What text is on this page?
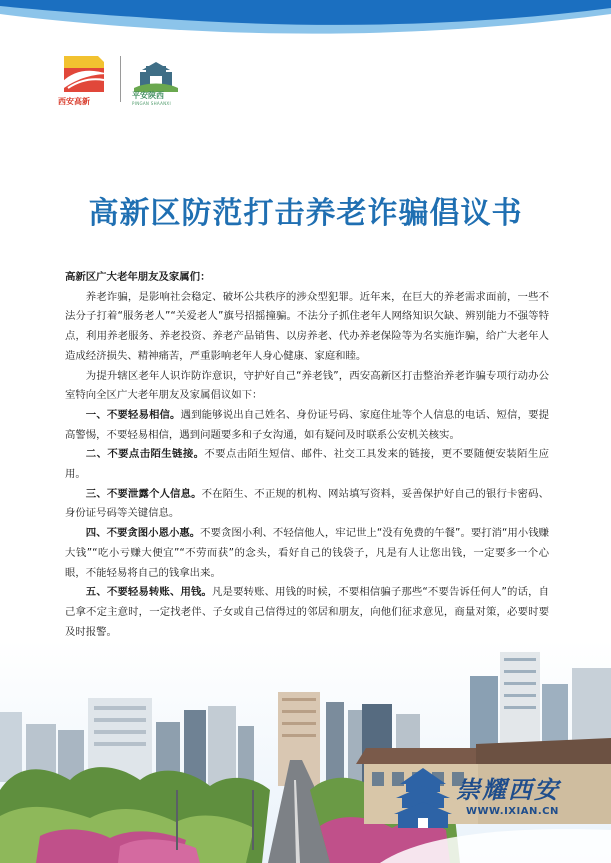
西安高新
平安陕西
PINGAN SHAANXI
高新区防范打击养老诈骗倡议书

高新区广大老年朋友及家属们：

养老诈骗，是影响社会稳定、破坏公共秩序的涉众型犯罪。近年来，在巨大的养老需求面前，一些不法分子打着“服务老人”“关爱老人”旗号招摇撞骗。不法分子抓住老年人网络知识欠缺、辨别能力不强等特点，利用养老服务、养老投资、养老产品销售、以房养老、代办养老保险等为名实施诈骗，给广大老年人造成经济损失、精神痛苦，严重影响老年人身心健康、家庭和睦。

为提升辖区老年人识诈防诈意识，守护好自己“养老钱”，西安高新区打击整治养老诈骗专项行动办公室特向全区广大老年朋友及家属倡议如下：

一、不要轻易相信。遇到能够说出自己姓名、身份证号码、家庭住址等个人信息的电话、短信，要提高警惕，不要轻易相信，遇到问题要多和子女沟通，如有疑问及时联系公安机关核实。

二、不要点击陌生链接。不要点击陌生短信、邮件、社交工具发来的链接，更不要随便安装陌生应用。

三、不要泄露个人信息。不在陌生、不正规的机构、网站填写资料，妥善保护好自己的银行卡密码、身份证号码等关键信息。

四、不要贪图小恩小惠。不要贪图小利、不轻信他人，牢记世上“没有免费的午餐”。要打消“用小钱赚大钱”“吃小亏赚大便宜”“不劳而获”的念头，看好自己的钱袋子，凡是有人让您出钱，一定要多一个心眼，不能轻易将自己的钱拿出来。

五、不要轻易转账、用钱。凡是要转账、用钱的时候，不要相信骗子那些“不要告诉任何人”的话，自己拿不定主意时，一定找老伴、子女或自己信得过的邻居和朋友，向他们征求意见，商量对策，必要时要及时报警。

崇耀西安
WWW.IXIAN.CN
